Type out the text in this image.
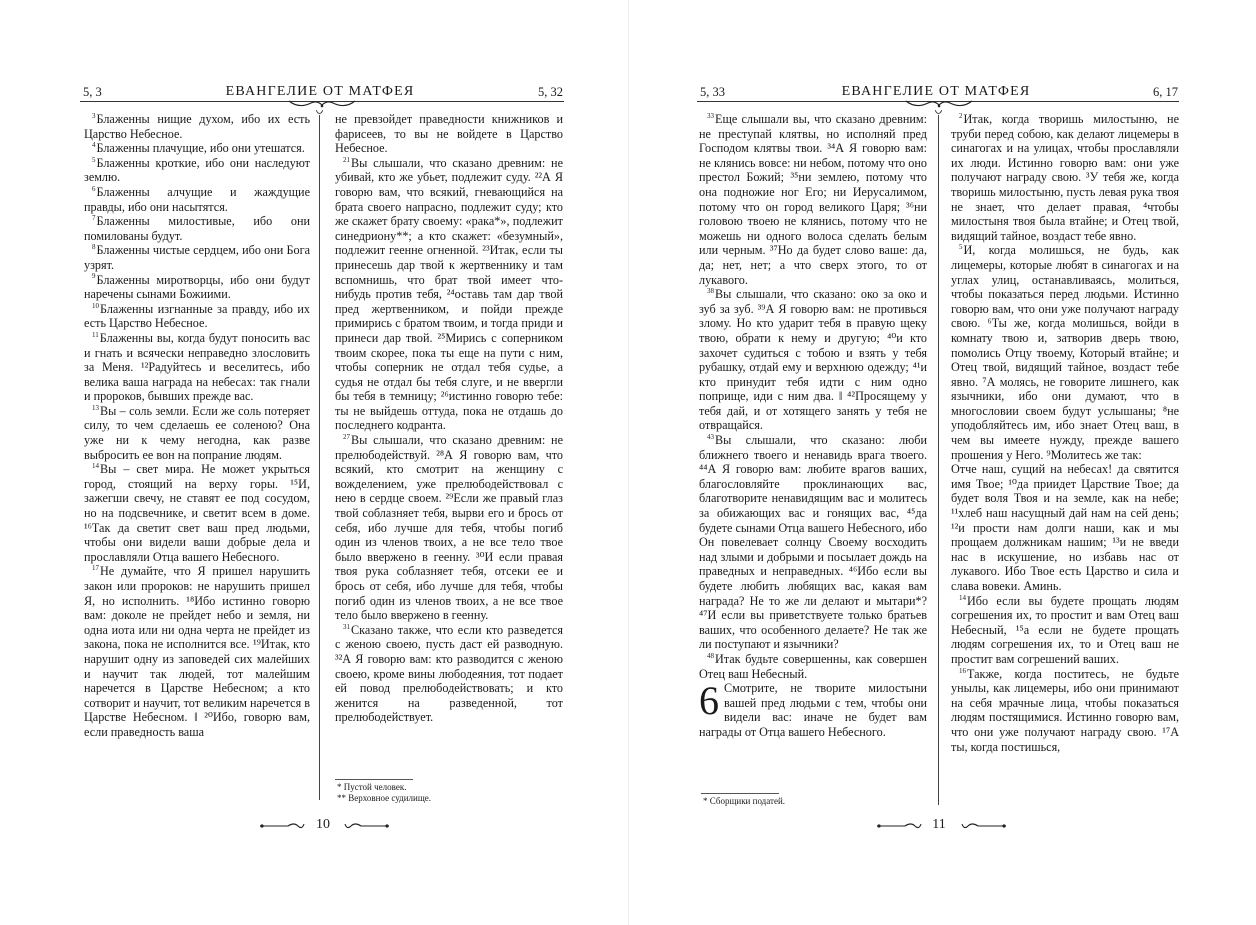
5, 3	ЕВАНГЕЛИЕ ОТ МАТФЕЯ	5, 32

$^3$Блаженны нищие духом, ибо их есть Царство Небесное.

$^4$Блаженны плачущие, ибо они утешатся.

$^5$Блаженны кроткие, ибо они наследуют землю.

$^6$Блаженны алчущие и жаждущие правды, ибо они насытятся.

$^7$Блаженны милостивые, ибо они помилованы будут.

$^8$Блаженны чистые сердцем, ибо они Бога узрят.

$^9$Блаженны миротворцы, ибо они будут наречены сынами Божиими.

$^{10}$Блаженны изгнанные за правду, ибо их есть Царство Небесное.

$^{11}$Блаженны вы, когда будут поносить вас и гнать и всячески неправедно злословить за Меня. ¹²Радуйтесь и веселитесь, ибо велика ваша награда на небесах: так гнали и пророков, бывших прежде вас.

$^{13}$Вы – соль земли. Если же соль потеряет силу, то чем сделаешь ее соленою? Она уже ни к чему негодна, как разве выбросить ее вон на попрание людям.

$^{14}$Вы – свет мира. Не может укрыться город, стоящий на верху горы. ¹⁵И, зажегши свечу, не ставят ее под сосудом, но на подсвечнике, и светит всем в доме. ¹⁶Так да светит свет ваш пред людьми, чтобы они видели ваши добрые дела и прославляли Отца вашего Небесного.

$^{17}$Не думайте, что Я пришел нарушить закон или пророков: не нарушить пришел Я, но исполнить. ¹⁸Ибо истинно говорю вам: доколе не прейдет небо и земля, ни одна иота или ни одна черта не прейдет из закона, пока не исполнится все. ¹⁹Итак, кто нарушит одну из заповедей сих малейших и научит так людей, тот малейшим наречется в Царстве Небесном; а кто сотворит и научит, тот великим наречется в Царстве Небесном. ‖ ²⁰Ибо, говорю вам, если праведность ваша

не превзойдет праведности книжников и фарисеев, то вы не войдете в Царство Небесное.

$^{21}$Вы слышали, что сказано древним: не убивай, кто же убьет, подлежит суду. ²²А Я говорю вам, что всякий, гневающийся на брата своего напрасно, подлежит суду; кто же скажет брату своему: «рака*», подлежит синедриону**; а кто скажет: «безумный», подлежит геенне огненной. ²³Итак, если ты принесешь дар твой к жертвеннику и там вспомнишь, что брат твой имеет что-нибудь против тебя, ²⁴оставь там дар твой пред жертвенником, и пойди прежде примирись с братом твоим, и тогда приди и принеси дар твой. ²⁵Мирись с соперником твоим скорее, пока ты еще на пути с ним, чтобы соперник не отдал тебя судье, а судья не отдал бы тебя слуге, и не ввергли бы тебя в темницу; ²⁶истинно говорю тебе: ты не выйдешь оттуда, пока не отдашь до последнего кодранта.

$^{27}$Вы слышали, что сказано древним: не прелюбодействуй. ²⁸А Я говорю вам, что всякий, кто смотрит на женщину с вожделением, уже прелюбодействовал с нею в сердце своем. ²⁹Если же правый глаз твой соблазняет тебя, вырви его и брось от себя, ибо лучше для тебя, чтобы погиб один из членов твоих, а не все тело твое было ввержено в геенну. ³⁰И если правая твоя рука соблазняет тебя, отсеки ее и брось от себя, ибо лучше для тебя, чтобы погиб один из членов твоих, а не все твое тело было ввержено в геенну.

$^{31}$Сказано также, что если кто разведется с женою своею, пусть даст ей разводную. ³²А Я говорю вам: кто разводится с женою своею, кроме вины любодеяния, тот подает ей повод прелюбодействовать; и кто женится на разведенной, тот прелюбодействует.

* Пустой человек.
** Верховное судилище.
10
5, 33	ЕВАНГЕЛИЕ ОТ МАТФЕЯ	6, 17

$^{33}$Еще слышали вы, что сказано древним: не преступай клятвы, но исполняй пред Господом клятвы твои. ³⁴А Я говорю вам: не клянись вовсе: ни небом, потому что оно престол Божий; ³⁵ни землею, потому что она подножие ног Его; ни Иерусалимом, потому что он город великого Царя; ³⁶ни головою твоею не клянись, потому что не можешь ни одного волоса сделать белым или черным. ³⁷Но да будет слово ваше: да, да; нет, нет; а что сверх этого, то от лукавого.

$^{38}$Вы слышали, что сказано: око за око и зуб за зуб. ³⁹А Я говорю вам: не противься злому. Но кто ударит тебя в правую щеку твою, обрати к нему и другую; ⁴⁰и кто захочет судиться с тобою и взять у тебя рубашку, отдай ему и верхнюю одежду; ⁴¹и кто принудит тебя идти с ним одно поприще, иди с ним два. ‖ ⁴²Просящему у тебя дай, и от хотящего занять у тебя не отвращайся.

$^{43}$Вы слышали, что сказано: люби ближнего твоего и ненавидь врага твоего. ⁴⁴А Я говорю вам: любите врагов ваших, благословляйте проклинающих вас, благотворите ненавидящим вас и молитесь за обижающих вас и гонящих вас, ⁴⁵да будете сынами Отца вашего Небесного, ибо Он повелевает солнцу Своему восходить над злыми и добрыми и посылает дождь на праведных и неправедных. ⁴⁶Ибо если вы будете любить любящих вас, какая вам награда? Не то же ли делают и мытари*? ⁴⁷И если вы приветствуете только братьев ваших, что особенного делаете? Не так же ли поступают и язычники?

$^{48}$Итак будьте совершенны, как совершен Отец ваш Небесный.

6 Смотрите, не творите милостыни вашей пред людьми с тем, чтобы они видели вас: иначе не будет вам награды от Отца вашего Небесного.

$^2$Итак, когда творишь милостыню, не труби перед собою, как делают лицемеры в синагогах и на улицах, чтобы прославляли их люди. Истинно говорю вам: они уже получают награду свою. ³У тебя же, когда творишь милостыню, пусть левая рука твоя не знает, что делает правая, ⁴чтобы милостыня твоя была втайне; и Отец твой, видящий тайное, воздаст тебе явно.

$^5$И, когда молишься, не будь, как лицемеры, которые любят в синагогах и на углах улиц, останавливаясь, молиться, чтобы показаться перед людьми. Истинно говорю вам, что они уже получают награду свою. ⁶Ты же, когда молишься, войди в комнату твою и, затворив дверь твою, помолись Отцу твоему, Который втайне; и Отец твой, видящий тайное, воздаст тебе явно. ⁷А молясь, не говорите лишнего, как язычники, ибо они думают, что в многословии своем будут услышаны; ⁸не уподобляйтесь им, ибо знает Отец ваш, в чем вы имеете нужду, прежде вашего прошения у Него. ⁹Молитесь же так:

Отче наш, сущий на небесах! да святится имя Твое; ¹⁰да приидет Царствие Твое; да будет воля Твоя и на земле, как на небе; ¹¹хлеб наш насущный дай нам на сей день; ¹²и прости нам долги наши, как и мы прощаем должникам нашим; ¹³и не введи нас в искушение, но избавь нас от лукавого. Ибо Твое есть Царство и сила и слава вовеки. Аминь.

$^{14}$Ибо если вы будете прощать людям согрешения их, то простит и вам Отец ваш Небесный, ¹⁵а если не будете прощать людям согрешения их, то и Отец ваш не простит вам согрешений ваших.

$^{16}$Также, когда поститесь, не будьте унылы, как лицемеры, ибо они принимают на себя мрачные лица, чтобы показаться людям постящимися. Истинно говорю вам, что они уже получают награду свою. ¹⁷А ты, когда постишься,

* Сборщики податей.
11
